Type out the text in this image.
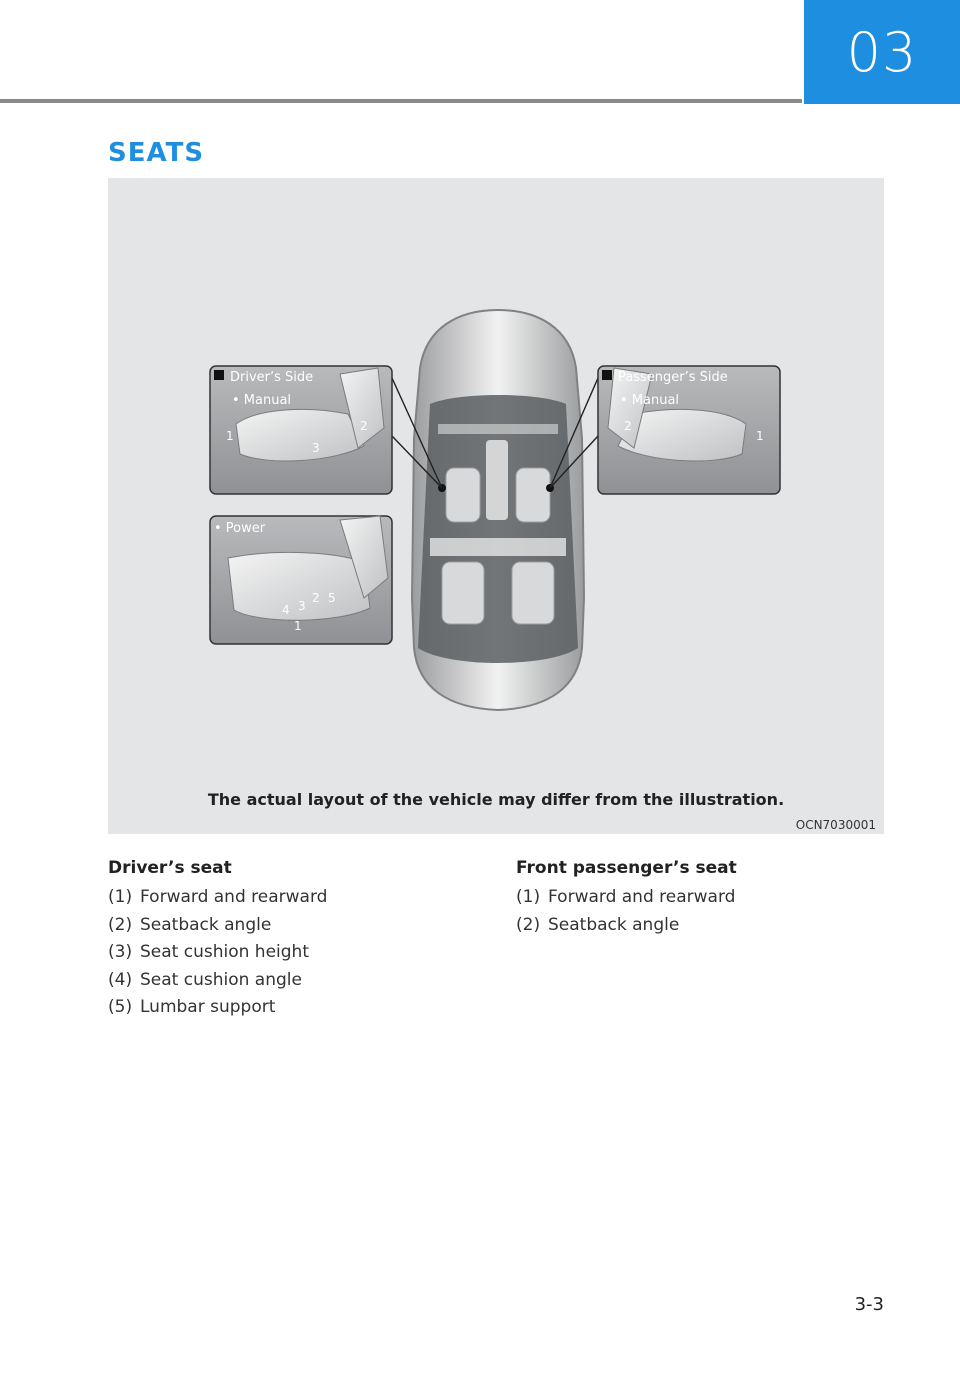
03
SEATS
Driver’s Side
• Manual
1
2
3
Passenger’s Side
• Manual
2
1
• Power
4 3
2 5
1
The actual layout of the vehicle may differ from the illustration.
OCN7030001
Driver’s seat
(1) Forward and rearward
(2) Seatback angle
(3) Seat cushion height
(4) Seat cushion angle
(5) Lumbar support
Front passenger’s seat
(1) Forward and rearward
(2) Seatback angle
3-3
